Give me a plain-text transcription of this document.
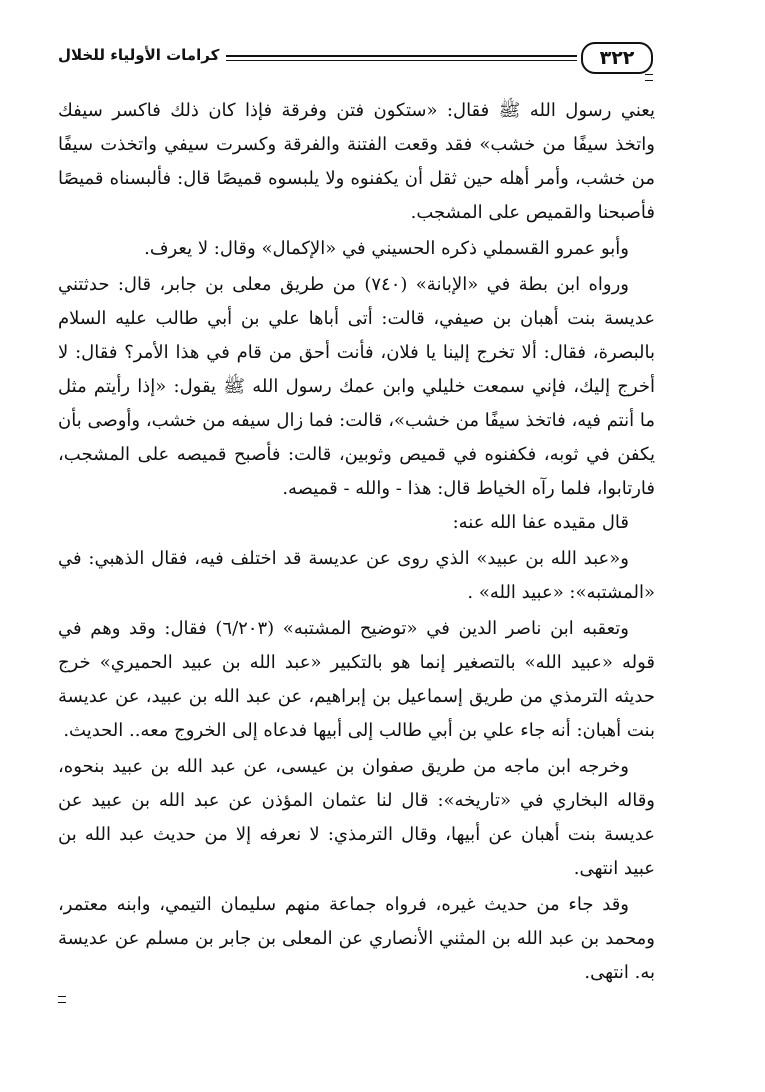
كرامات الأولياء للخلال	٣٢٢

يعني رسول الله ﷺ فقال: «ستكون فتن وفرقة فإذا كان ذلك فاكسر سيفك واتخذ سيفًا من خشب» فقد وقعت الفتنة والفرقة وكسرت سيفي واتخذت سيفًا من خشب، وأمر أهله حين ثقل أن يكفنوه ولا يلبسوه قميصًا قال: فألبسناه قميصًا فأصبحنا والقميص على المشجب.

وأبو عمرو القسملي ذكره الحسيني في «الإكمال» وقال: لا يعرف.

ورواه ابن بطة في «الإبانة» (٧٤٠) من طريق معلى بن جابر، قال: حدثتني عديسة بنت أهبان بن صيفي، قالت: أتى أباها علي بن أبي طالب عليه السلام بالبصرة، فقال: ألا تخرج إلينا يا فلان، فأنت أحق من قام في هذا الأمر؟ فقال: لا أخرج إليك، فإني سمعت خليلي وابن عمك رسول الله ﷺ يقول: «إذا رأيتم مثل ما أنتم فيه، فاتخذ سيفًا من خشب»، قالت: فما زال سيفه من خشب، وأوصى بأن يكفن في ثوبه، فكفنوه في قميص وثوبين، قالت: فأصبح قميصه على المشجب، فارتابوا، فلما رآه الخياط قال: هذا - والله - قميصه.

قال مقيده عفا الله عنه:

و«عبد الله بن عبيد» الذي روى عن عديسة قد اختلف فيه، فقال الذهبي: في «المشتبه»: «عبيد الله» .

وتعقبه ابن ناصر الدين في «توضيح المشتبه» (٦/٢٠٣) فقال: وقد وهم في قوله «عبيد الله» بالتصغير إنما هو بالتكبير «عبد الله بن عبيد الحميري» خرج حديثه الترمذي من طريق إسماعيل بن إبراهيم، عن عبد الله بن عبيد، عن عديسة بنت أهبان: أنه جاء علي بن أبي طالب إلى أبيها فدعاه إلى الخروج معه.. الحديث.

وخرجه ابن ماجه من طريق صفوان بن عيسى، عن عبد الله بن عبيد بنحوه، وقاله البخاري في «تاريخه»: قال لنا عثمان المؤذن عن عبد الله بن عبيد عن عديسة بنت أهبان عن أبيها، وقال الترمذي: لا نعرفه إلا من حديث عبد الله بن عبيد انتهى.

وقد جاء من حديث غيره، فرواه جماعة منهم سليمان التيمي، وابنه معتمر، ومحمد بن عبد الله بن المثني الأنصاري عن المعلى بن جابر بن مسلم عن عديسة به. انتهى.
